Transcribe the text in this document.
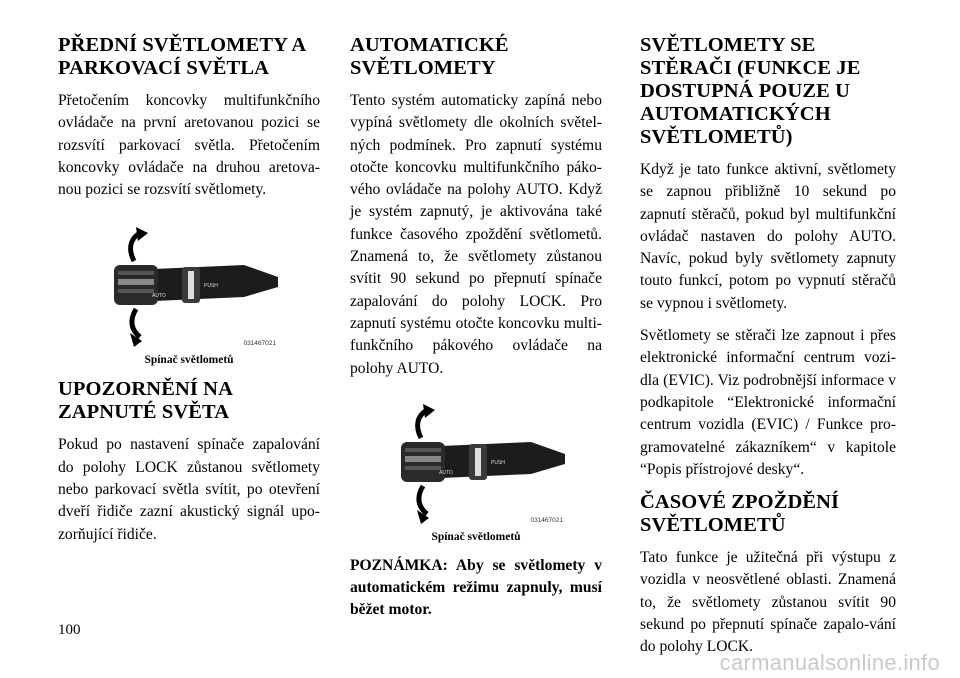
PŘEDNÍ SVĚTLOMETY A PARKOVACÍ SVĚTLA

Přetočením koncovky multifunkčního ovládače na první aretovanou pozici se rozsvítí parkovací světla. Přetočením koncovky ovládače na druhou aretova-nou pozici se rozsvítí světlomety.

AUTO
PUSH
031467021
Spínač světlometů
UPOZORNĚNÍ NA ZAPNUTÉ SVĚTA

Pokud po nastavení spínače zapalování do polohy LOCK zůstanou světlomety nebo parkovací světla svítit, po otevření dveří řidiče zazní akustický signál upo-zorňující řidiče.

AUTOMATICKÉ SVĚTLOMETY

Tento systém automaticky zapíná nebo vypíná světlomety dle okolních světel-ných podmínek. Pro zapnutí systému otočte koncovku multifunkčního páko-vého ovládače na polohy AUTO. Když je systém zapnutý, je aktivována také funkce časového zpoždění světlometů. Znamená to, že světlomety zůstanou svítit 90 sekund po přepnutí spínače zapalování do polohy LOCK. Pro zapnutí systému otočte koncovku multi-funkčního pákového ovládače na polohy AUTO.

AUTO
PUSH
031467021
Spínač světlometů

POZNÁMKA: Aby se světlomety v automatickém režimu zapnuly, musí běžet motor.

SVĚTLOMETY SE STĚRAČI (FUNKCE JE DOSTUPNÁ POUZE U AUTOMATICKÝCH SVĚTLOMETŮ)

Když je tato funkce aktivní, světlomety se zapnou přibližně 10 sekund po zapnutí stěračů, pokud byl multifunkční ovládač nastaven do polohy AUTO. Navíc, pokud byly světlomety zapnuty touto funkcí, potom po vypnutí stěračů se vypnou i světlomety.

Světlomety se stěrači lze zapnout i přes elektronické informační centrum vozi-dla (EVIC). Viz podrobnější informace v podkapitole “Elektronické informační centrum vozidla (EVIC) / Funkce pro-gramovatelné zákazníkem“ v kapitole “Popis přístrojové desky“.

ČASOVÉ ZPOŽDĚNÍ SVĚTLOMETŮ

Tato funkce je užitečná při výstupu z vozidla v neosvětlené oblasti. Znamená to, že světlomety zůstanou svítit 90 sekund po přepnutí spínače zapalo-vání do polohy LOCK.

100
carmanualsonline.info
